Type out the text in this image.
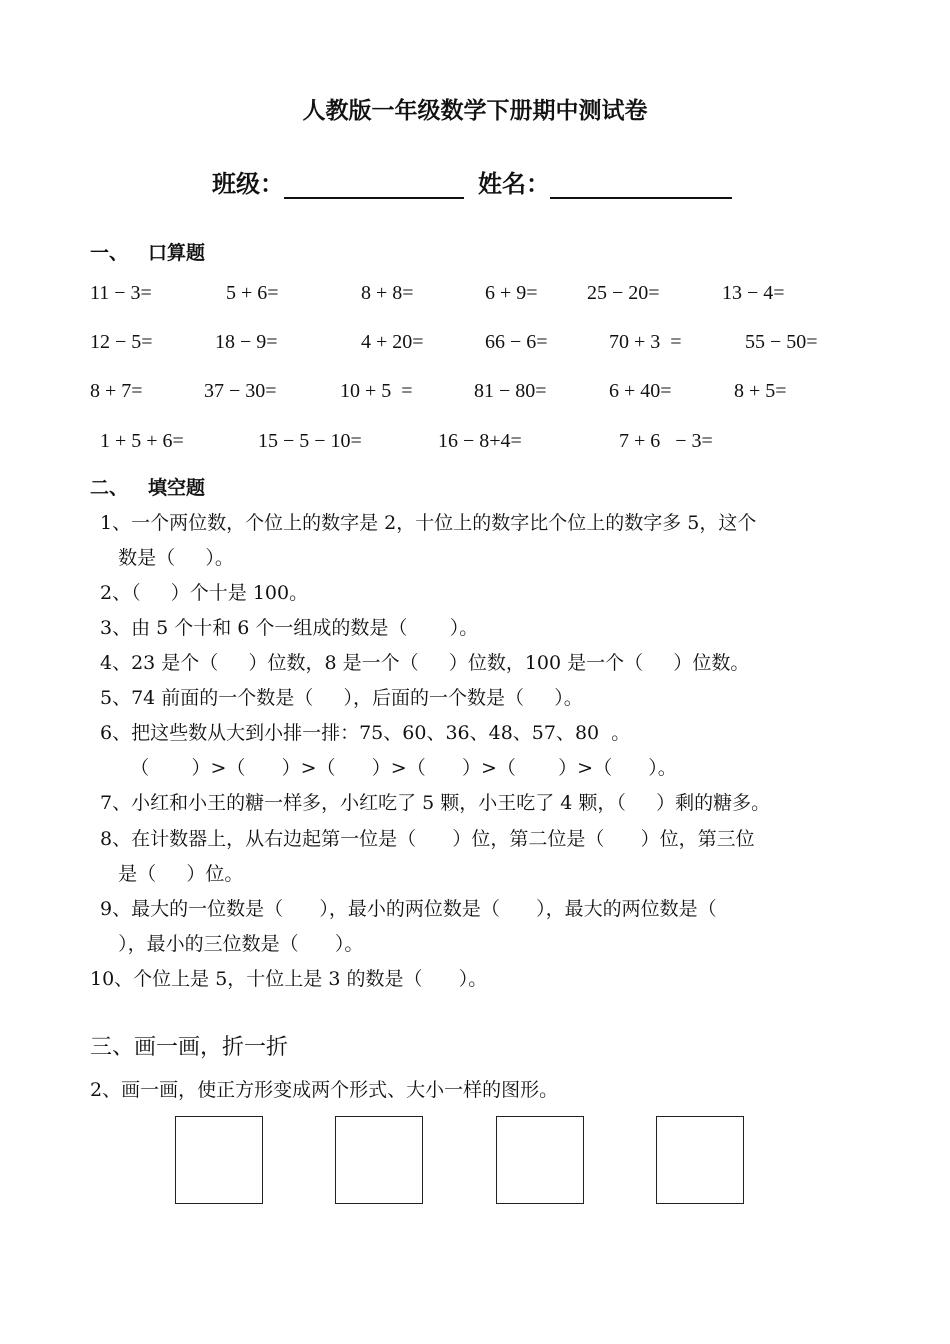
人教版一年级数学下册期中测试卷
班级：	姓名：
一、 口算题
11 − 3=	5 + 6=	8 + 8=	6 + 9= 25 − 20=	13 − 4=
12 − 5=	18 − 9=	4 + 20=	66 − 6=	70 + 3  =	55 − 50=
8 + 7=	37 − 30=	10 + 5  =	81 − 80=	6 + 40=	8 + 5=
1 + 5 + 6=	15 − 5 − 10=	16 − 8+4=	7 + 6   − 3=
二、 填空题
1、一个两位数，个位上的数字是 2，十位上的数字比个位上的数字多 5，这个
数是（     ）。
2、（     ）个十是 100。
3、由 5 个十和 6 个一组成的数是（       ）。
4、23 是个（     ）位数，8 是一个（     ）位数，100 是一个（     ）位数。
5、74 前面的一个数是（     ），后面的一个数是（     ）。
6、把这些数从大到小排一排：75、60、36、48、57、80  。
（       ）>（      ）>（      ）>（      ）>（       ）>（      ）。
7、小红和小王的糖一样多，小红吃了 5 颗，小王吃了 4 颗，（     ）剩的糖多。
8、在计数器上，从右边起第一位是（      ）位，第二位是（      ）位，第三位
是（     ）位。
9、最大的一位数是（      ），最小的两位数是（      ），最大的两位数是（
），最小的三位数是（      ）。
10、个位上是 5，十位上是 3 的数是（      ）。
三、画一画，折一折
2、画一画，使正方形变成两个形式、大小一样的图形。
